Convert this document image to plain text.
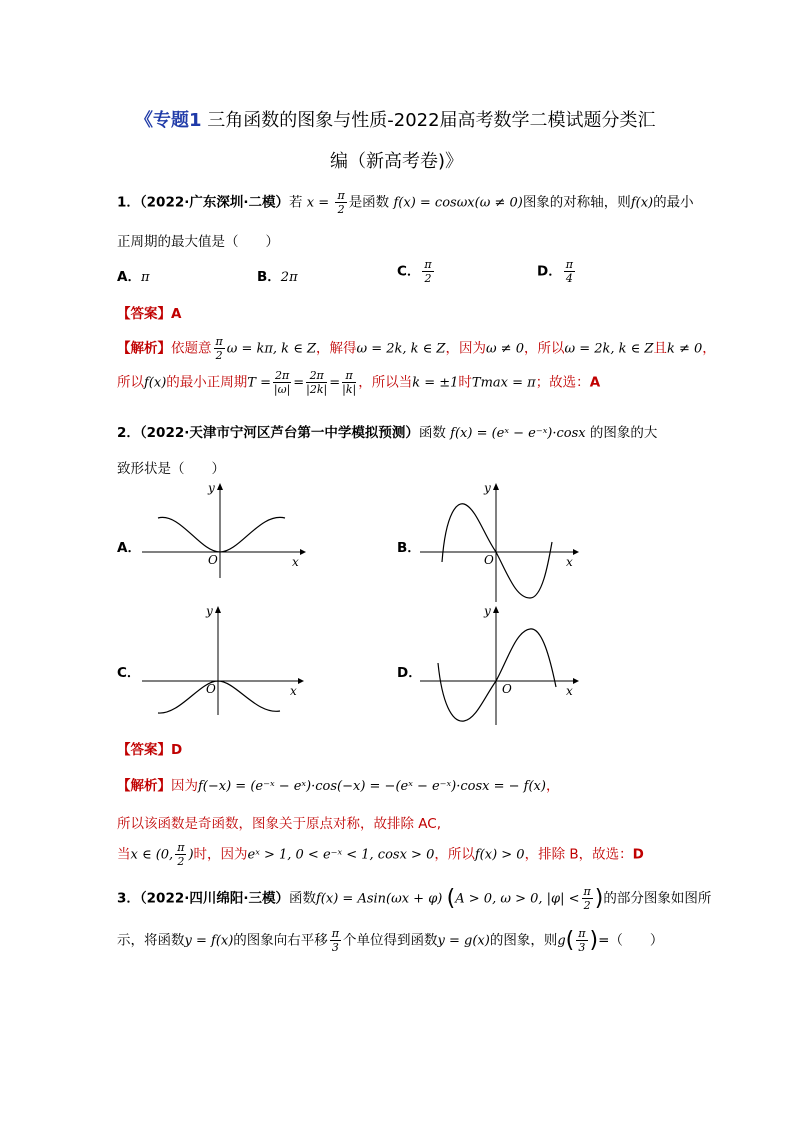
《专题1 三角函数的图象与性质-2022届高考数学二模试题分类汇
编（新高考卷)》
1．（2022·广东深圳·二模）若 $x = \frac{\pi}{2}$ 是函数 f(x) = cosωx(ω ≠ 0)图象的对称轴，则f(x)的最小
正周期的最大值是（　　）
A．π	B．2π	C． $\frac{\pi}{2}$	D． $\frac{\pi}{4}$
【答案】A
【解析】依题意 $\frac{\pi}{2}$ ω = kπ, k ∈ Z，解得ω = 2k, k ∈ Z，因为ω ≠ 0，所以ω = 2k, k ∈ Z且k ≠ 0，
所以f(x)的最小正周期$T = \frac{2\pi}{|\omega|} = \frac{2\pi}{|2k|} = \frac{\pi}{|k|}$ ，所以当k = ±1时Tmax = π；故选：A
2．（2022·天津市宁河区芦台第一中学模拟预测）函数 f(x) = (eˣ − e⁻ˣ)·cosx 的图象的大
致形状是（　　）
A．
x
y
O
B．
x
y
O
C．
x
y
O
D．
x
y
O
【答案】D
【解析】因为f(−x) = (e⁻ˣ − eˣ)·cos(−x) = −(eˣ − e⁻ˣ)·cosx = − f(x)，
所以该函数是奇函数，图象关于原点对称，故排除 AC,
当x ∈ (0, $\frac{\pi}{2}$ )时，因为eˣ > 1, 0 < e⁻ˣ < 1, cosx > 0，所以f(x) > 0，排除 B，故选：D
3．（2022·四川绵阳·三模）函数f(x) = Asin(ωx + φ) (A > 0, ω > 0, $|\varphi| < \frac{\pi}{2}$ )的部分图象如图所
示，将函数y = f(x)的图象向右平移 $\frac{\pi}{3}$ 个单位得到函数y = g(x)的图象，则$g( \frac{\pi}{3}$ )=（　　）
